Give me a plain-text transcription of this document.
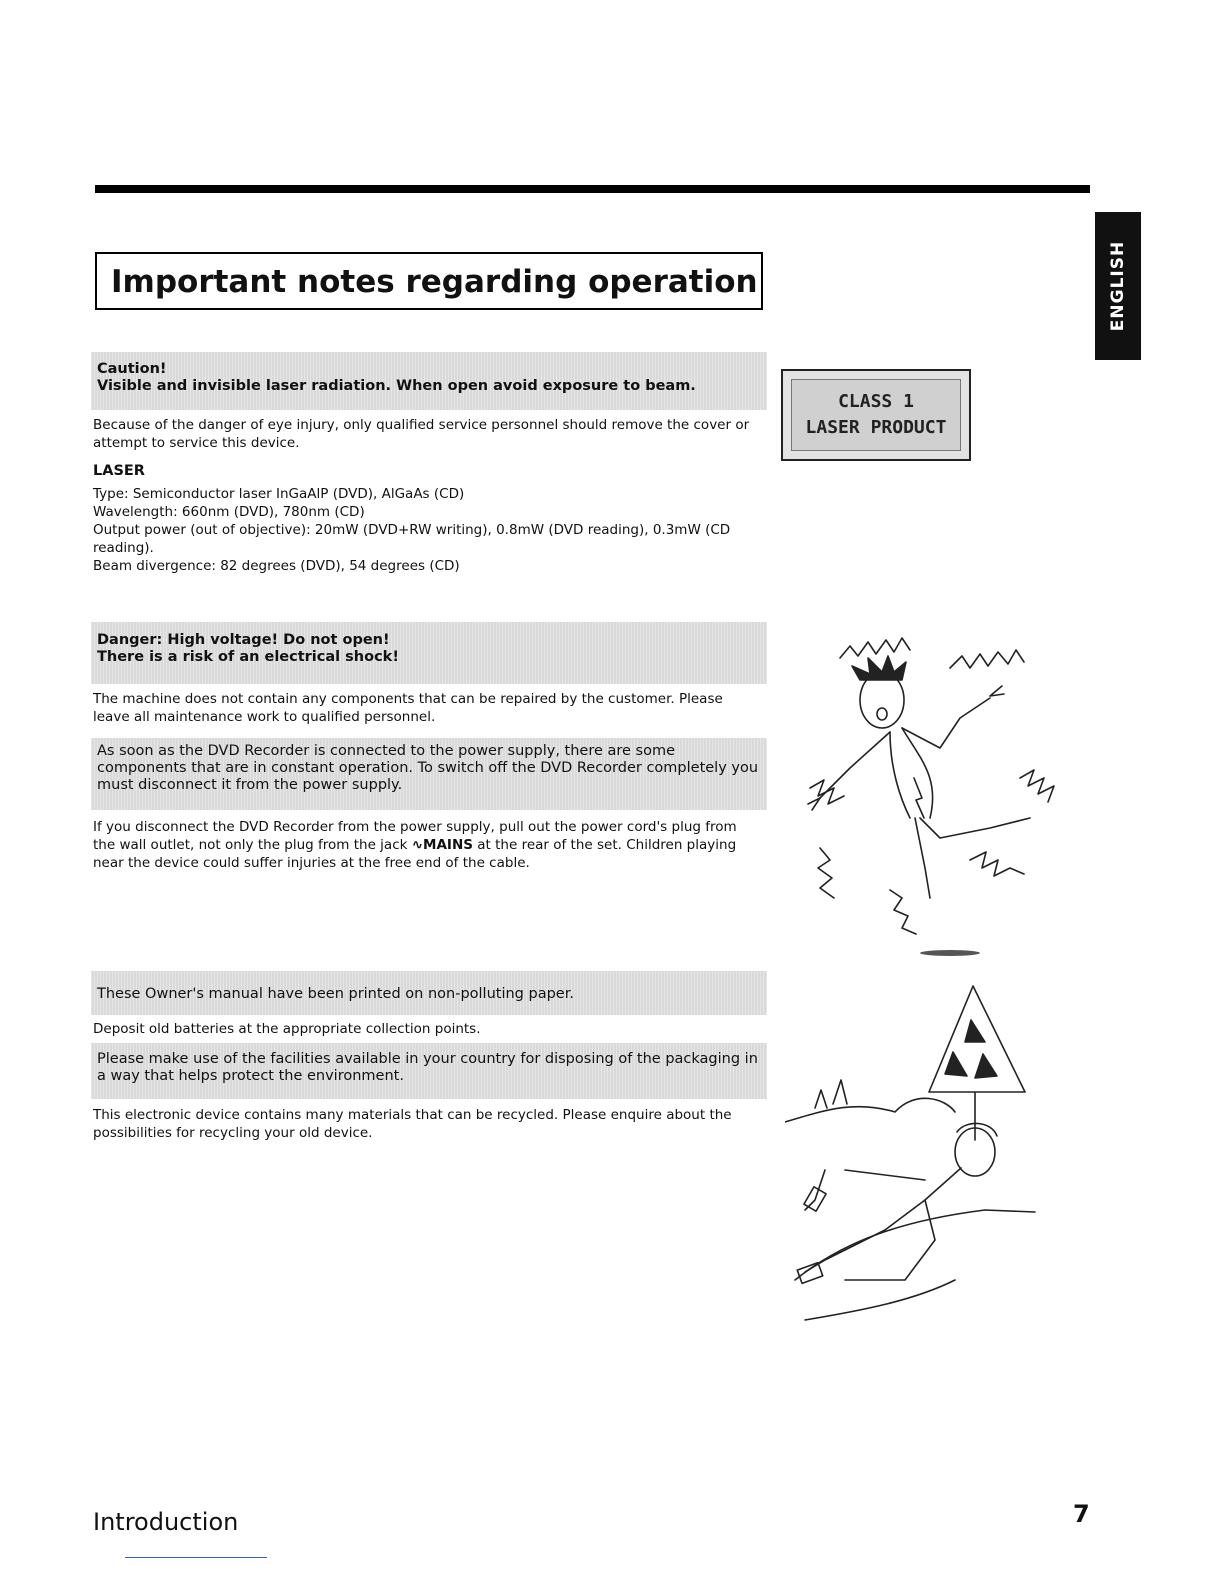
Important notes regarding operation	ENGLISH
Caution!
Visible and invisible laser radiation. When open avoid exposure to beam.
Because of the danger of eye injury, only qualified service personnel should remove the cover or attempt to service this device.
LASER
Type: Semiconductor laser InGaAlP (DVD), AlGaAs (CD)
Wavelength: 660nm (DVD), 780nm (CD)
Output power (out of objective): 20mW (DVD+RW writing), 0.8mW (DVD reading), 0.3mW (CD reading).
Beam divergence: 82 degrees (DVD), 54 degrees (CD)
CLASS 1
LASER PRODUCT
Danger: High voltage! Do not open!
There is a risk of an electrical shock!
The machine does not contain any components that can be repaired by the customer. Please leave all maintenance work to qualified personnel.
As soon as the DVD Recorder is connected to the power supply, there are some components that are in constant operation. To switch off the DVD Recorder completely you must disconnect it from the power supply.
If you disconnect the DVD Recorder from the power supply, pull out the power cord's plug from the wall outlet, not only the plug from the jack ∿MAINS at the rear of the set. Children playing near the device could suffer injuries at the free end of the cable.
These Owner's manual have been printed on non-polluting paper.
Deposit old batteries at the appropriate collection points.
Please make use of the facilities available in your country for disposing of the packaging in a way that helps protect the environment.
This electronic device contains many materials that can be recycled. Please enquire about the possibilities for recycling your old device.
Introduction	7
